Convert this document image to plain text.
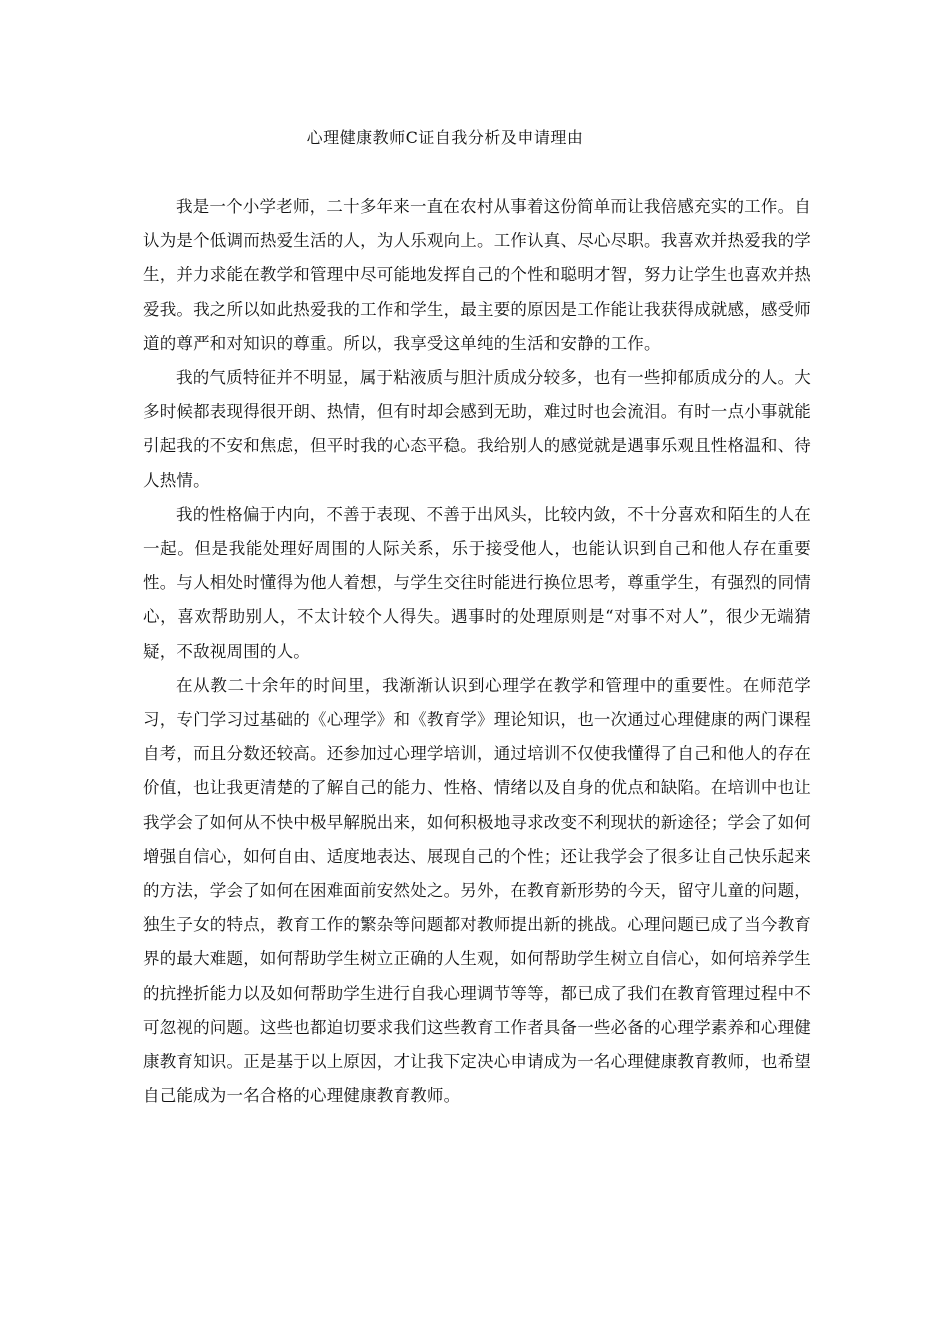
心理健康教师C证自我分析及申请理由

我是一个小学老师，二十多年来一直在农村从事着这份简单而让我倍感充实的工作。自认为是个低调而热爱生活的人，为人乐观向上。工作认真、尽心尽职。我喜欢并热爱我的学生，并力求能在教学和管理中尽可能地发挥自己的个性和聪明才智，努力让学生也喜欢并热爱我。我之所以如此热爱我的工作和学生，最主要的原因是工作能让我获得成就感，感受师道的尊严和对知识的尊重。所以，我享受这单纯的生活和安静的工作。

我的气质特征并不明显，属于粘液质与胆汁质成分较多，也有一些抑郁质成分的人。大多时候都表现得很开朗、热情，但有时却会感到无助，难过时也会流泪。有时一点小事就能引起我的不安和焦虑，但平时我的心态平稳。我给别人的感觉就是遇事乐观且性格温和、待人热情。

我的性格偏于内向，不善于表现、不善于出风头，比较内敛，不十分喜欢和陌生的人在一起。但是我能处理好周围的人际关系，乐于接受他人，也能认识到自己和他人存在重要性。与人相处时懂得为他人着想，与学生交往时能进行换位思考，尊重学生，有强烈的同情心，喜欢帮助别人，不太计较个人得失。遇事时的处理原则是“对事不对人”，很少无端猜疑，不敌视周围的人。

在从教二十余年的时间里，我渐渐认识到心理学在教学和管理中的重要性。在师范学习，专门学习过基础的《心理学》和《教育学》理论知识，也一次通过心理健康的两门课程自考，而且分数还较高。还参加过心理学培训，通过培训不仅使我懂得了自己和他人的存在价值，也让我更清楚的了解自己的能力、性格、情绪以及自身的优点和缺陷。在培训中也让我学会了如何从不快中极早解脱出来，如何积极地寻求改变不利现状的新途径；学会了如何增强自信心，如何自由、适度地表达、展现自己的个性；还让我学会了很多让自己快乐起来的方法，学会了如何在困难面前安然处之。另外，在教育新形势的今天，留守儿童的问题，独生子女的特点，教育工作的繁杂等问题都对教师提出新的挑战。心理问题已成了当今教育界的最大难题，如何帮助学生树立正确的人生观，如何帮助学生树立自信心，如何培养学生的抗挫折能力以及如何帮助学生进行自我心理调节等等，都已成了我们在教育管理过程中不可忽视的问题。这些也都迫切要求我们这些教育工作者具备一些必备的心理学素养和心理健康教育知识。正是基于以上原因，才让我下定决心申请成为一名心理健康教育教师，也希望自己能成为一名合格的心理健康教育教师。
